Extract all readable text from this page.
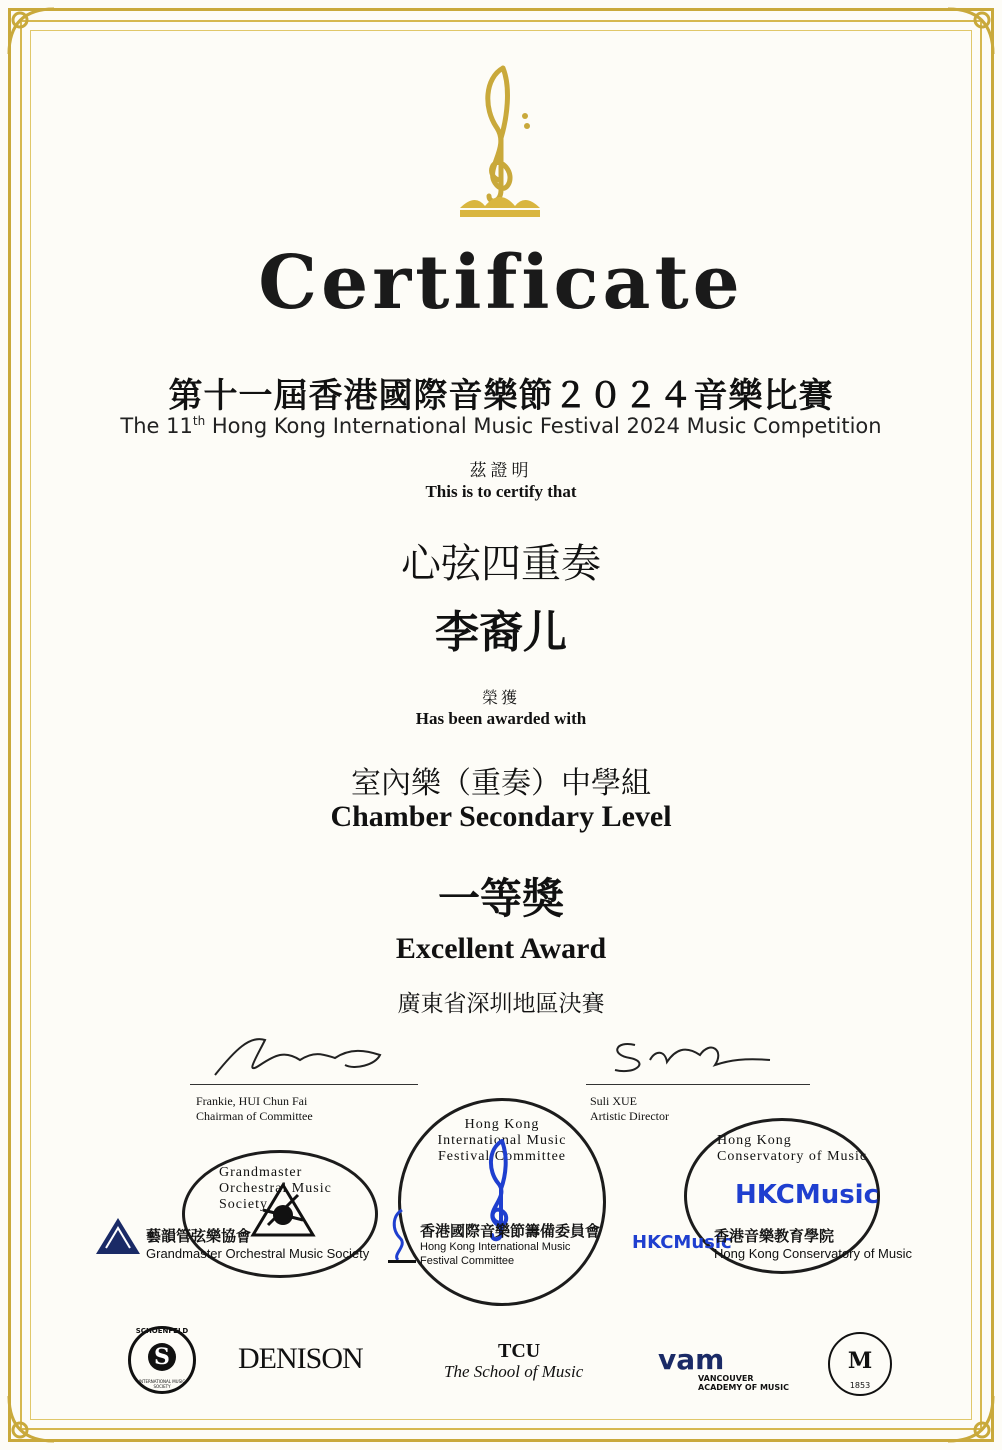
Certificate
第十一屆香港國際音樂節２０２４音樂比賽
The 11th Hong Kong International Music Festival 2024 Music Competition
茲證明
This is to certify that
心弦四重奏
李裔儿
榮獲
Has been awarded with
室內樂（重奏）中學組
Chamber Secondary Level
一等獎
Excellent Award
廣東省深圳地區決賽
Frankie, HUI Chun Fai
Chairman of Committee
Suli XUE
Artistic Director
Grandmaster Orchestral Music Society
藝韻管弦樂協會
Grandmaster Orchestral Music Society
Hong Kong International Music Festival Committee
香港國際音樂節籌備委員會
Hong Kong International Music
Festival Committee
Hong Kong Conservatory of Music
HKCMusic
HKCMusic
香港音樂教育學院
Hong Kong Conservatory of Music
SCHOENFELD
S
INTERNATIONAL MUSIC SOCIETY
DENISON	TCU
The School of Music	vam
VANCOUVER
ACADEMY OF MUSIC
M
1853
